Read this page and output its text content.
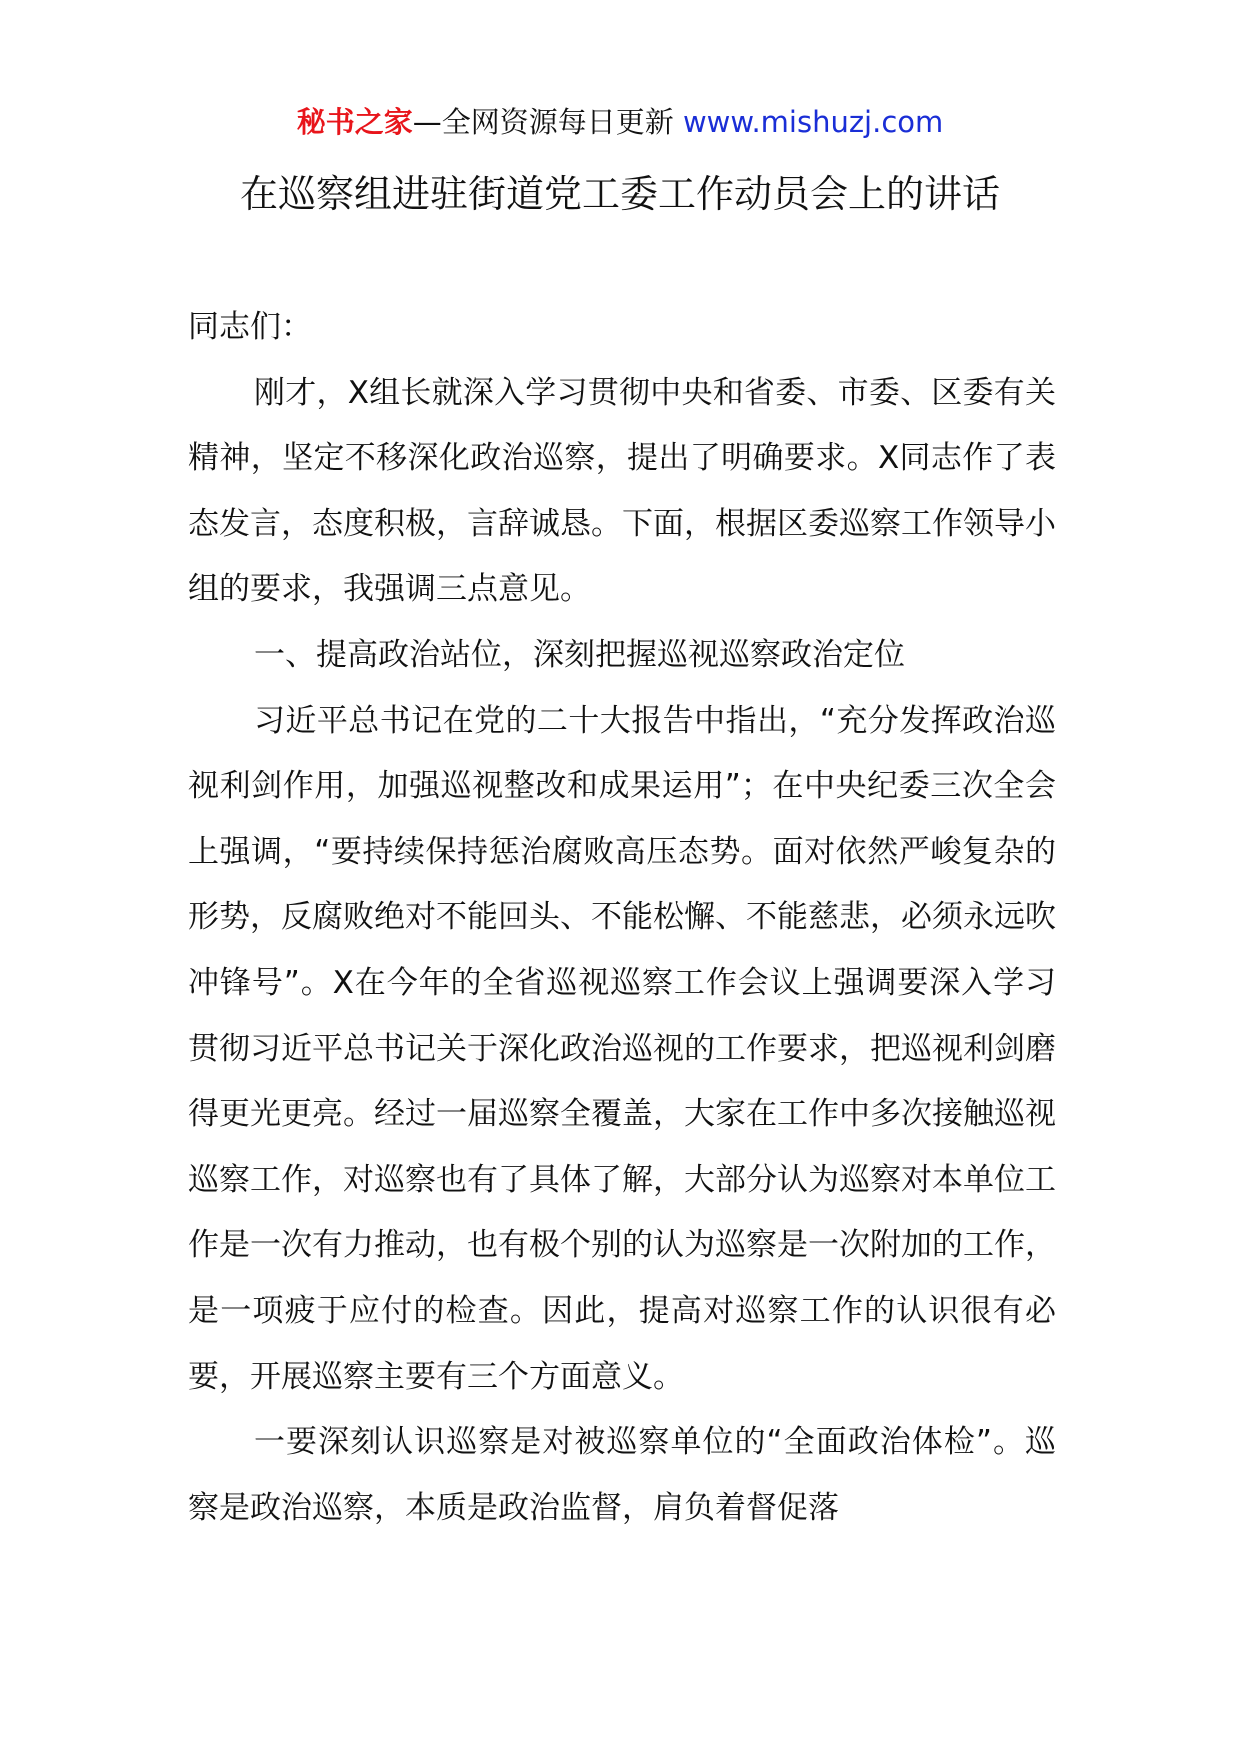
秘书之家—全网资源每日更新 www.mishuzj.com
在巡察组进驻街道党工委工作动员会上的讲话

同志们：

刚才，X组长就深入学习贯彻中央和省委、市委、区委有关精神，坚定不移深化政治巡察，提出了明确要求。X同志作了表态发言，态度积极，言辞诚恳。下面，根据区委巡察工作领导小组的要求，我强调三点意见。

一、提高政治站位，深刻把握巡视巡察政治定位

习近平总书记在党的二十大报告中指出，“充分发挥政治巡视利剑作用，加强巡视整改和成果运用”；在中央纪委三次全会上强调，“要持续保持惩治腐败高压态势。面对依然严峻复杂的形势，反腐败绝对不能回头、不能松懈、不能慈悲，必须永远吹冲锋号”。X在今年的全省巡视巡察工作会议上强调要深入学习贯彻习近平总书记关于深化政治巡视的工作要求，把巡视利剑磨得更光更亮。经过一届巡察全覆盖，大家在工作中多次接触巡视巡察工作，对巡察也有了具体了解，大部分认为巡察对本单位工作是一次有力推动，也有极个别的认为巡察是一次附加的工作，是一项疲于应付的检查。因此，提高对巡察工作的认识很有必要，开展巡察主要有三个方面意义。

一要深刻认识巡察是对被巡察单位的“全面政治体检”。巡察是政治巡察，本质是政治监督，肩负着督促落
